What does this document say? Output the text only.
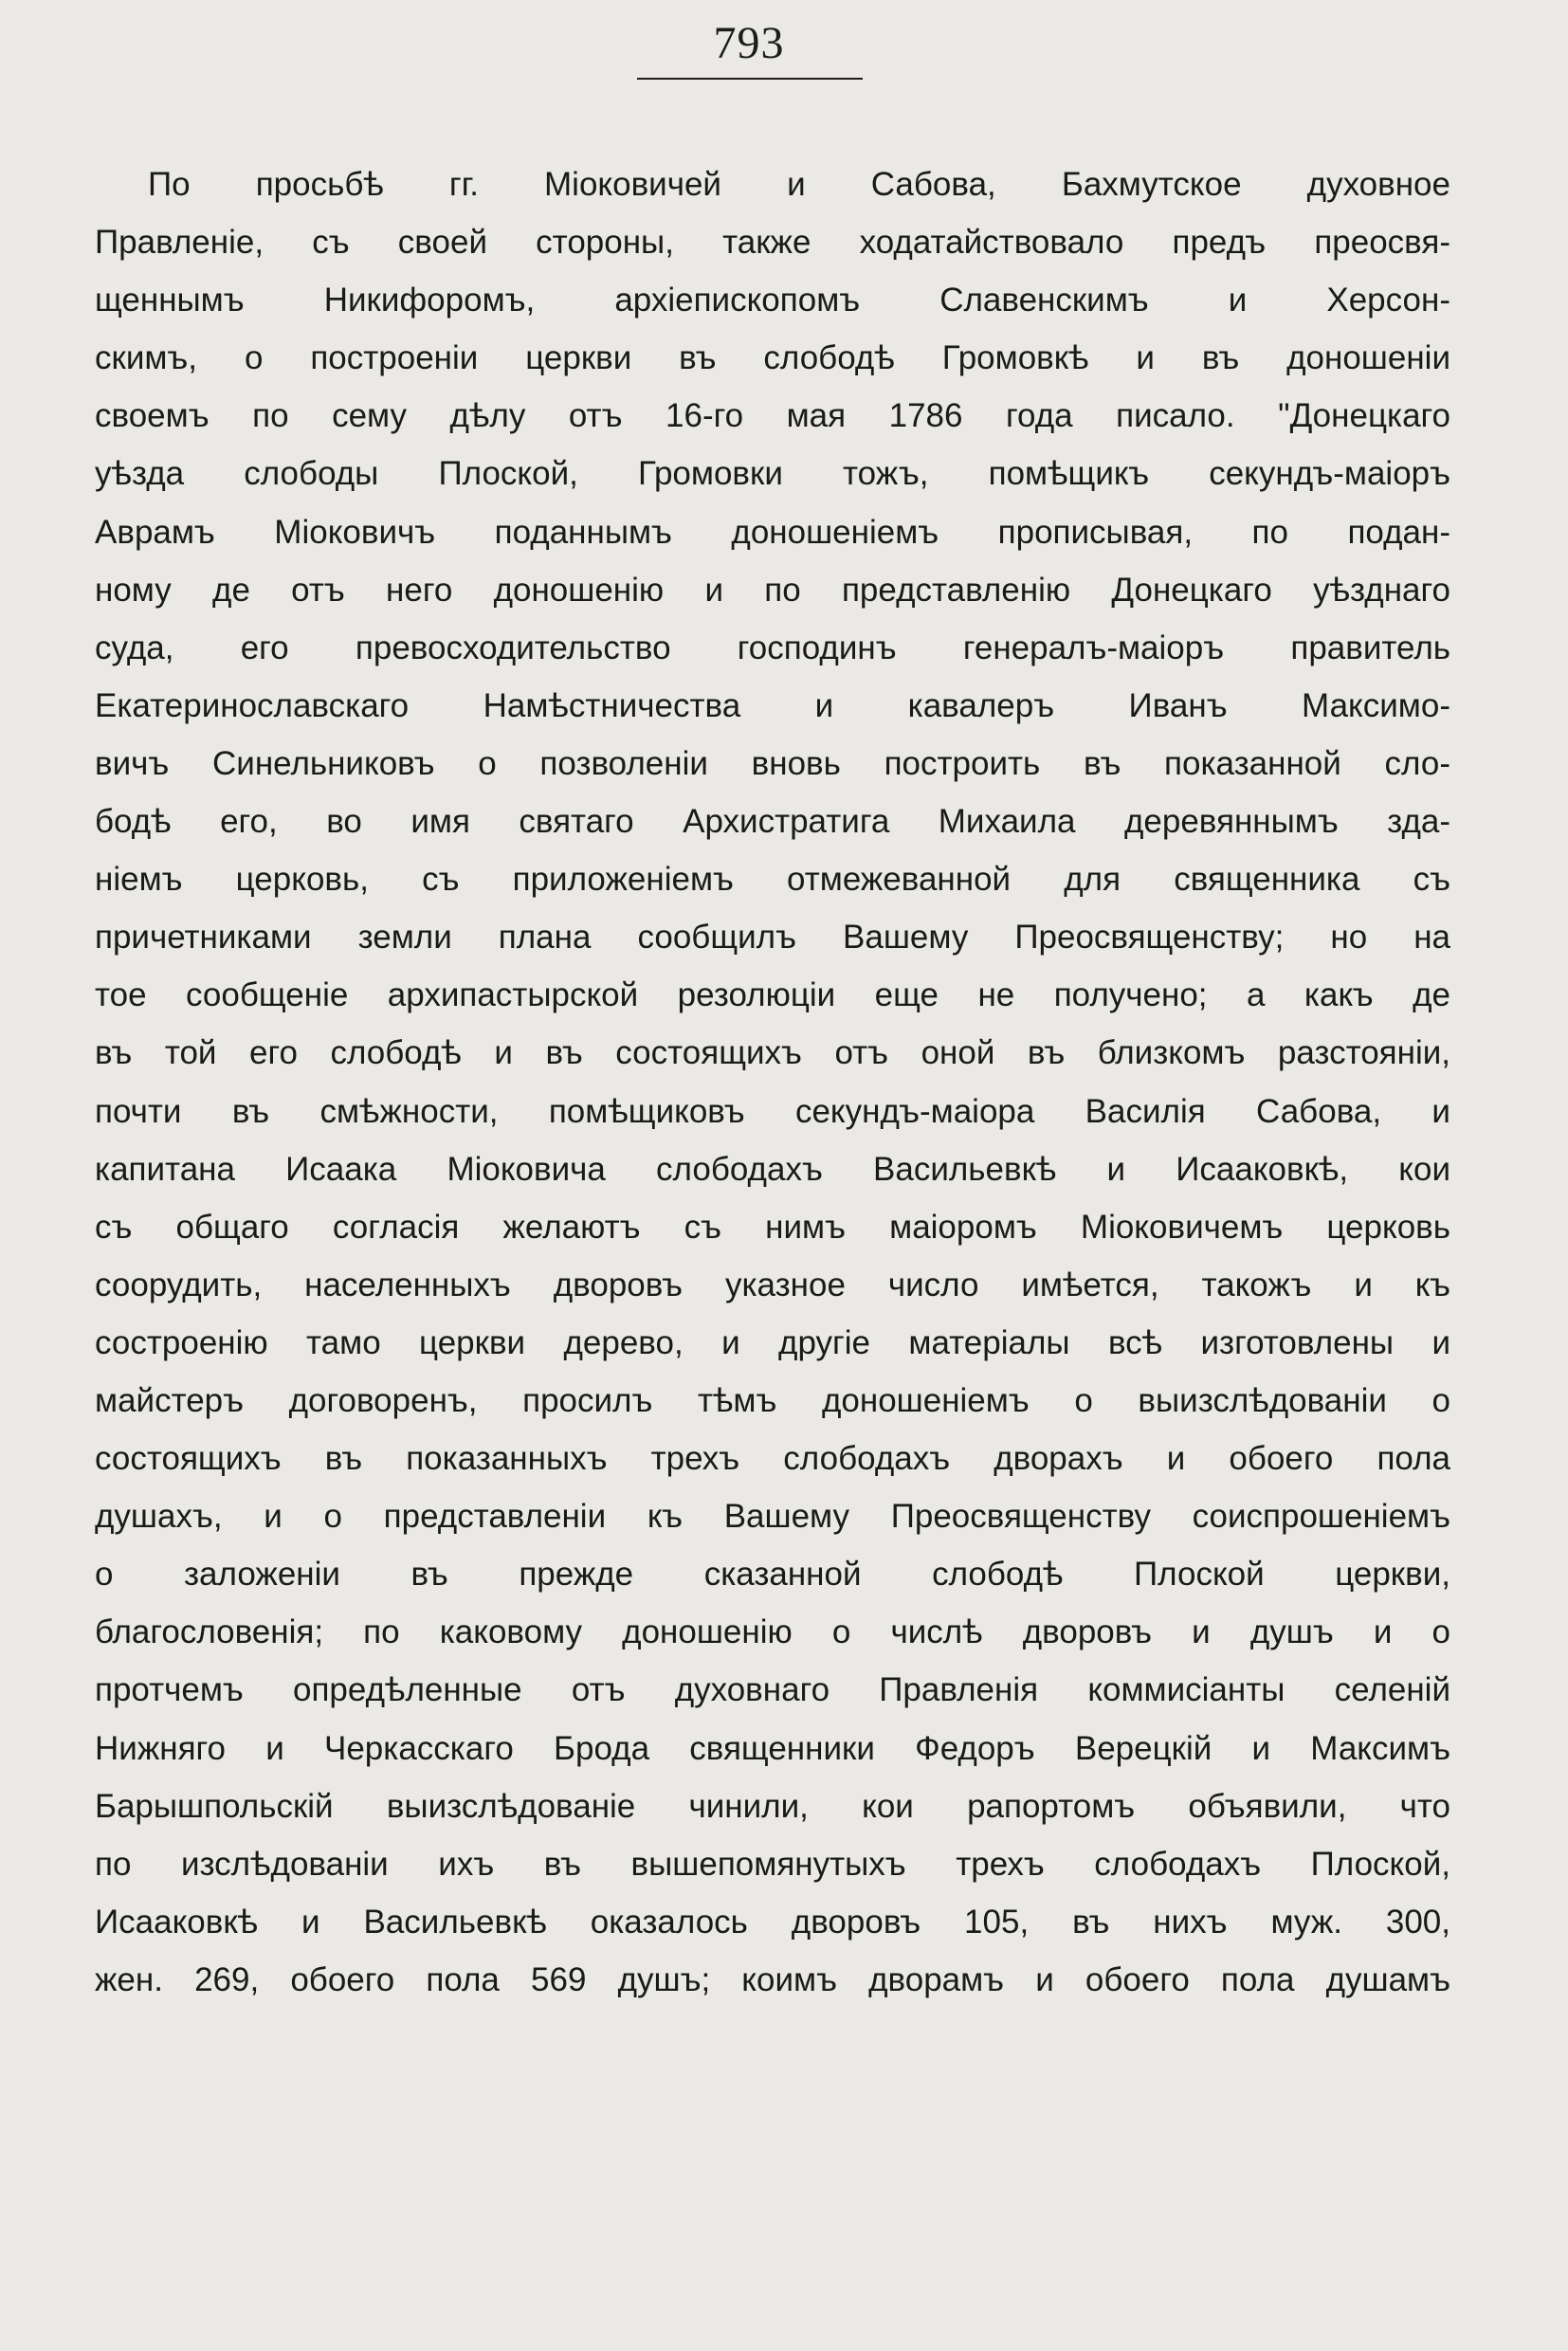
793
По просьбѣ гг. Міоковичей и Сабова, Бахмутское духовное
Правленіе, съ своей стороны, также ходатайствовало предъ преосвя-
щеннымъ Никифоромъ, архіепископомъ Славенскимъ и Херсон-
скимъ, о построеніи церкви въ слободѣ Громовкѣ и въ доношеніи
своемъ по сему дѣлу отъ 16-го мая 1786 года писало. "Донецкаго
уѣзда слободы Плоской, Громовки тожъ, помѣщикъ секундъ-маіоръ
Аврамъ Міоковичъ поданнымъ доношеніемъ прописывая, по подан-
ному де отъ него доношенію и по представленію Донецкаго уѣзднаго
суда, его превосходительство господинъ генералъ-маіоръ правитель
Екатеринославскаго Намѣстничества и кавалеръ Иванъ Максимо-
вичъ Синельниковъ о позволеніи вновь построить въ показанной сло-
бодѣ его, во имя святаго Архистратига Михаила деревяннымъ зда-
ніемъ церковь, съ приложеніемъ отмежеванной для священника съ
причетниками земли плана сообщилъ Вашему Преосвященству; но на
тое сообщеніе архипастырской резолюціи еще не получено; а какъ де
въ той его слободѣ и въ состоящихъ отъ оной въ близкомъ разстояніи,
почти въ смѣжности, помѣщиковъ секундъ-маіора Василія Сабова, и
капитана Исаака Міоковича слободахъ Васильевкѣ и Исааковкѣ, кои
съ общаго согласія желаютъ съ нимъ маіоромъ Міоковичемъ церковь
соорудить, населенныхъ дворовъ указное число имѣется, такожъ и къ
сострoенію тамо церкви дерево, и другіе матеріалы всѣ изготовлены и
майстеръ договоренъ, просилъ тѣмъ доношеніемъ о выизслѣдованіи о
состоящихъ въ показанныхъ трехъ слободахъ дворахъ и обоего пола
душахъ, и о представленіи къ Вашему Преосвященству соиспрошеніемъ
о заложеніи въ прежде сказанной слободѣ Плоской церкви,
благословенія; по каковому доношенію о числѣ дворовъ и душъ и о
протчемъ опредѣленные отъ духовнаго Правленія коммисіанты селеній
Нижняго и Черкасскаго Брода священники Федоръ Верецкій и Максимъ
Барышпольскій выизслѣдованіе чинили, кои рапортомъ объявили, что
по изслѣдованіи ихъ въ вышепомянутыхъ трехъ слободахъ Плоской,
Исааковкѣ и Васильевкѣ оказалось дворовъ 105, въ нихъ муж. 300,
жен. 269, обоего пола 569 душъ; коимъ дворамъ и обоего пола душамъ
